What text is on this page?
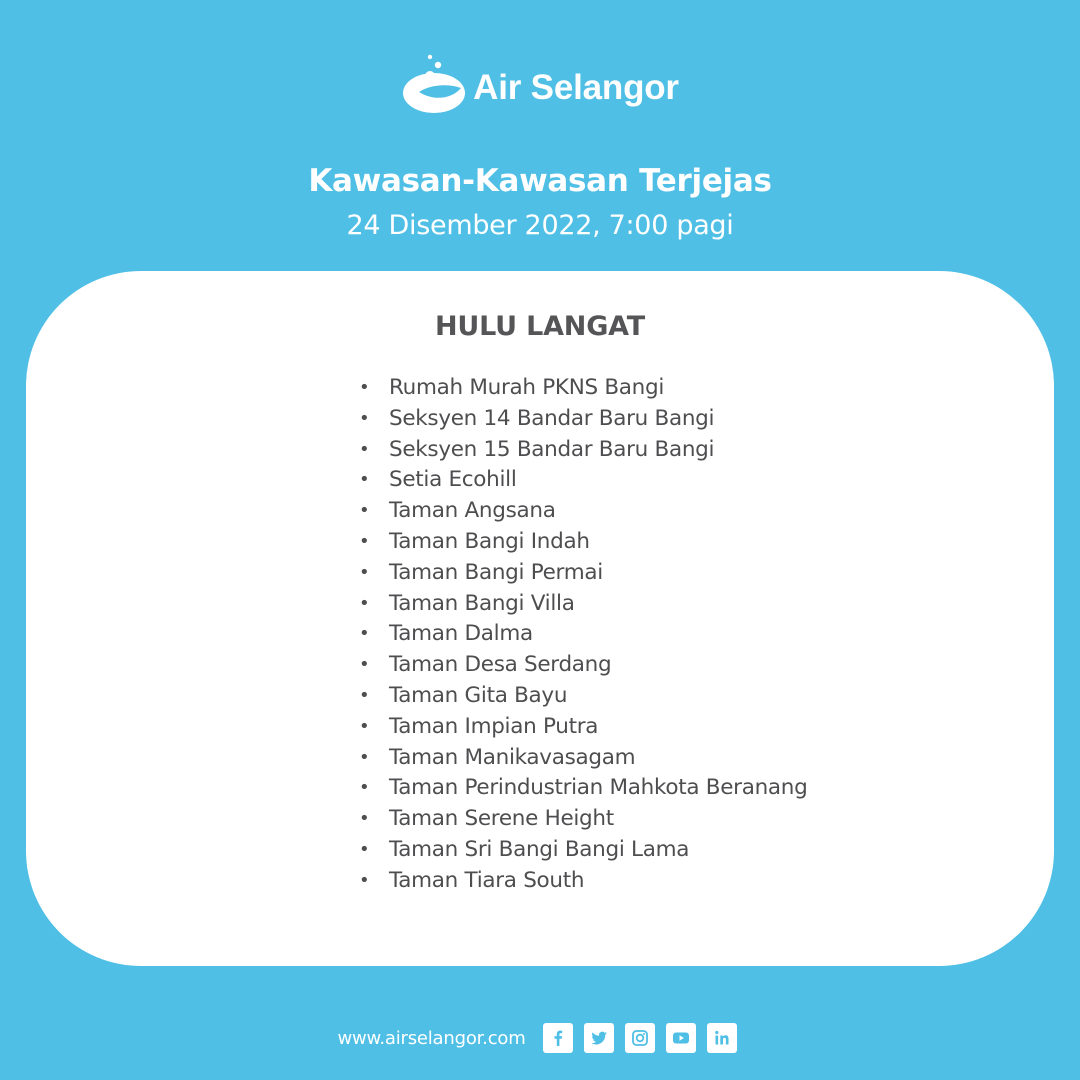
Air Selangor
Kawasan-Kawasan Terjejas
24 Disember 2022, 7:00 pagi
HULU LANGAT
• Rumah Murah PKNS Bangi
• Seksyen 14 Bandar Baru Bangi
• Seksyen 15 Bandar Baru Bangi
• Setia Ecohill
• Taman Angsana
• Taman Bangi Indah
• Taman Bangi Permai
• Taman Bangi Villa
• Taman Dalma
• Taman Desa Serdang
• Taman Gita Bayu
• Taman Impian Putra
• Taman Manikavasagam
• Taman Perindustrian Mahkota Beranang
• Taman Serene Height
• Taman Sri Bangi Bangi Lama
• Taman Tiara South
www.airselangor.com
